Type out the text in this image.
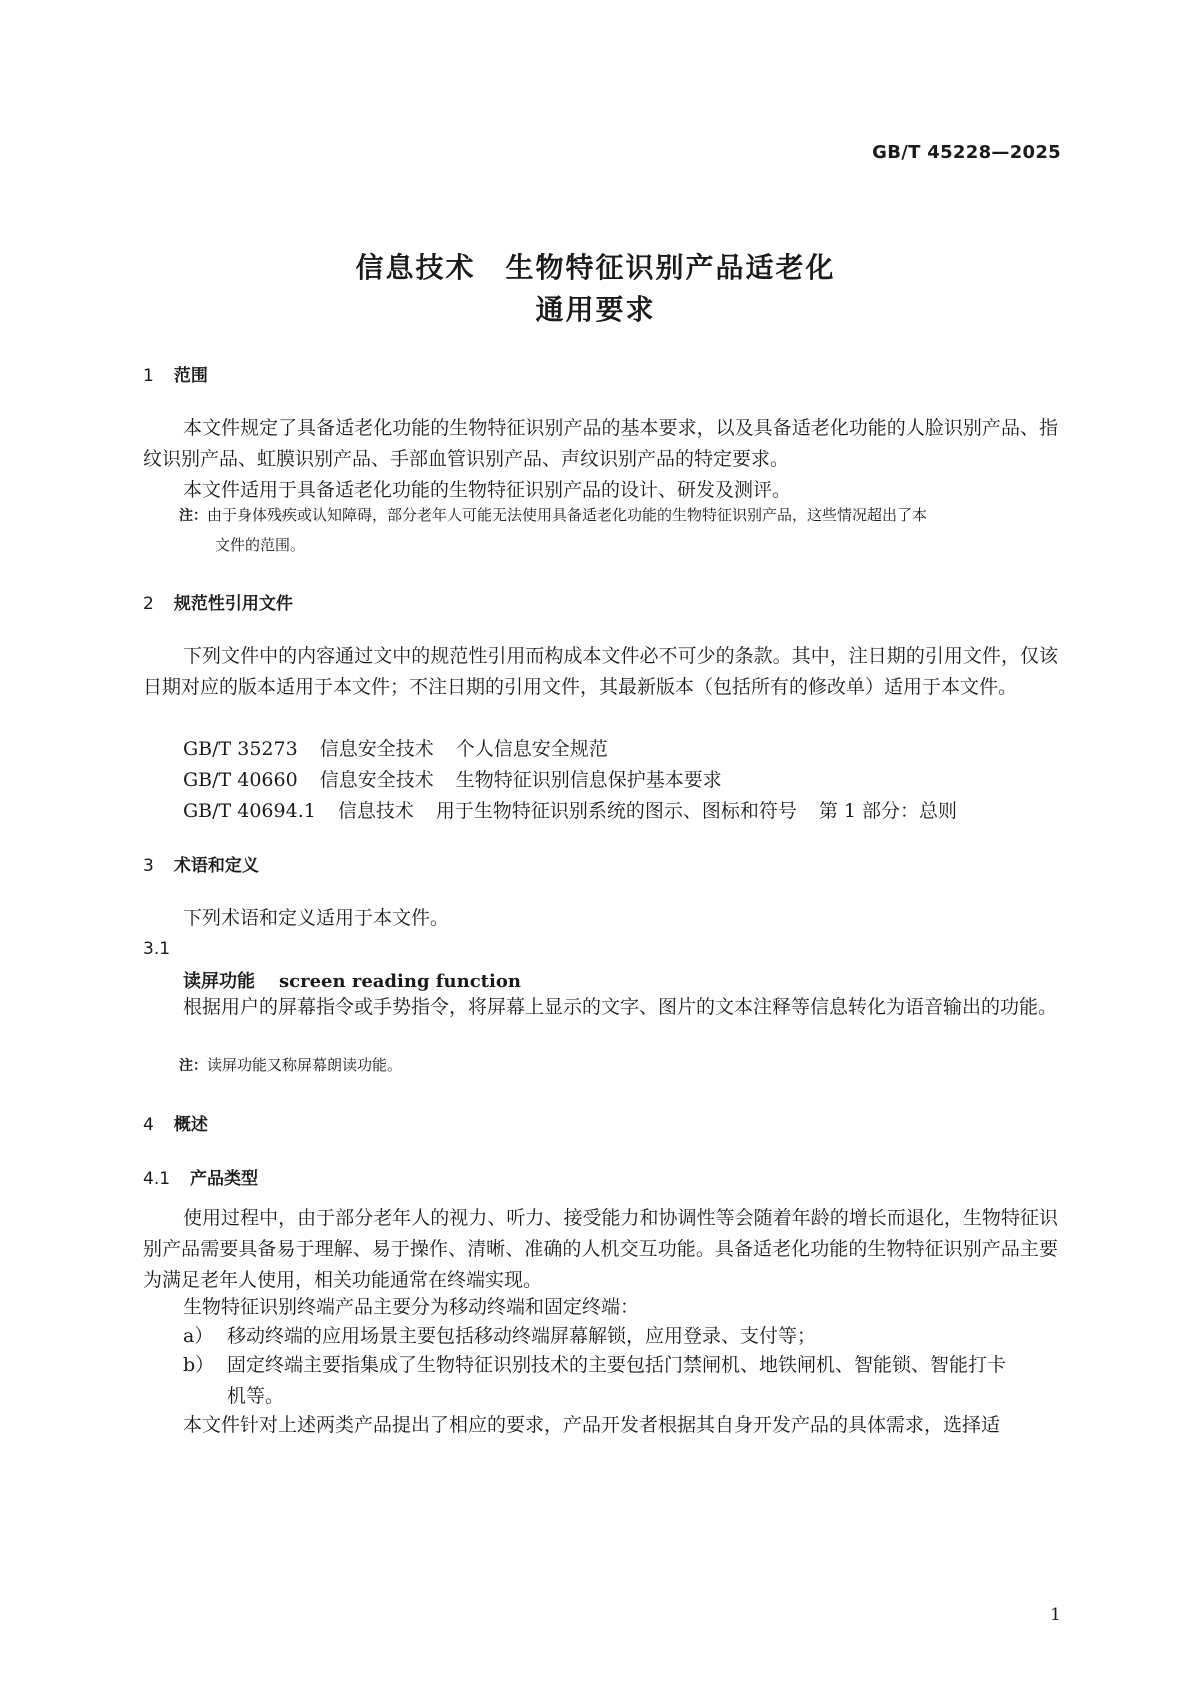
GB/T 45228—2025
信息技术　生物特征识别产品适老化
通用要求
1 范围
本文件规定了具备适老化功能的生物特征识别产品的基本要求，以及具备适老化功能的人脸识别产品、指纹识别产品、虹膜识别产品、手部血管识别产品、声纹识别产品的特定要求。
本文件适用于具备适老化功能的生物特征识别产品的设计、研发及测评。
注：由于身体残疾或认知障碍，部分老年人可能无法使用具备适老化功能的生物特征识别产品，这些情况超出了本
文件的范围。
2 规范性引用文件
下列文件中的内容通过文中的规范性引用而构成本文件必不可少的条款。其中，注日期的引用文件，仅该日期对应的版本适用于本文件；不注日期的引用文件，其最新版本（包括所有的修改单）适用于本文件。
GB/T 35273 信息安全技术 个人信息安全规范
GB/T 40660 信息安全技术 生物特征识别信息保护基本要求
GB/T 40694.1 信息技术 用于生物特征识别系统的图示、图标和符号 第 1 部分：总则
3 术语和定义
下列术语和定义适用于本文件。
3.1
读屏功能 screen reading function
根据用户的屏幕指令或手势指令，将屏幕上显示的文字、图片的文本注释等信息转化为语音输出的功能。
注：读屏功能又称屏幕朗读功能。
4 概述
4.1 产品类型
使用过程中，由于部分老年人的视力、听力、接受能力和协调性等会随着年龄的增长而退化，生物特征识别产品需要具备易于理解、易于操作、清晰、准确的人机交互功能。具备适老化功能的生物特征识别产品主要为满足老年人使用，相关功能通常在终端实现。
生物特征识别终端产品主要分为移动终端和固定终端：
a） 移动终端的应用场景主要包括移动终端屏幕解锁，应用登录、支付等；
b） 固定终端主要指集成了生物特征识别技术的主要包括门禁闸机、地铁闸机、智能锁、智能打卡
机等。
本文件针对上述两类产品提出了相应的要求，产品开发者根据其自身开发产品的具体需求，选择适
1
